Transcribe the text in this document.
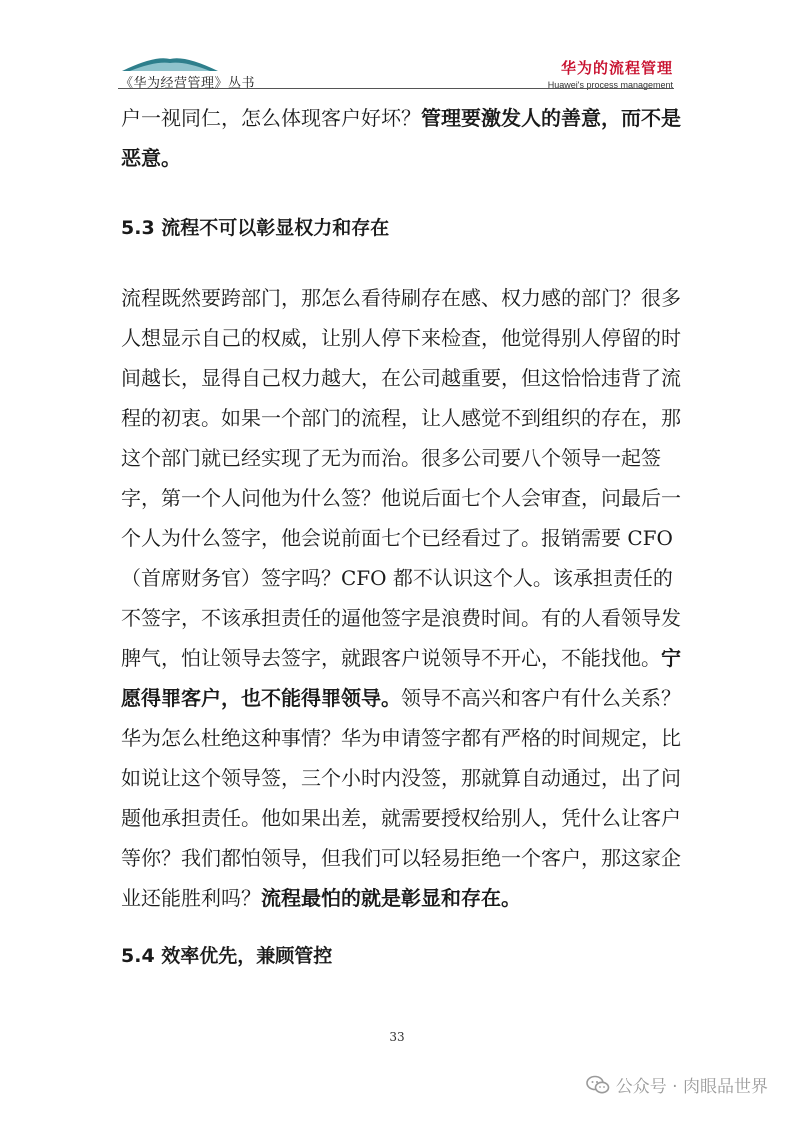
《华为经营管理》丛书
华为的流程管理
Huawei's process management

户一视同仁，怎么体现客户好坏？管理要激发人的善意，而不是恶意。

5.3 流程不可以彰显权力和存在

流程既然要跨部门，那怎么看待刷存在感、权力感的部门？很多人想显示自己的权威，让别人停下来检查，他觉得别人停留的时间越长，显得自己权力越大，在公司越重要，但这恰恰违背了流程的初衷。如果一个部门的流程，让人感觉不到组织的存在，那这个部门就已经实现了无为而治。很多公司要八个领导一起签字，第一个人问他为什么签？他说后面七个人会审查，问最后一个人为什么签字，他会说前面七个已经看过了。报销需要 CFO（首席财务官）签字吗？CFO 都不认识这个人。该承担责任的不签字，不该承担责任的逼他签字是浪费时间。有的人看领导发脾气，怕让领导去签字，就跟客户说领导不开心，不能找他。宁愿得罪客户，也不能得罪领导。领导不高兴和客户有什么关系？华为怎么杜绝这种事情？华为申请签字都有严格的时间规定，比如说让这个领导签，三个小时内没签，那就算自动通过，出了问题他承担责任。他如果出差，就需要授权给别人，凭什么让客户等你？我们都怕领导，但我们可以轻易拒绝一个客户，那这家企业还能胜利吗？流程最怕的就是彰显和存在。

5.4 效率优先，兼顾管控

33
公众号 · 肉眼品世界
